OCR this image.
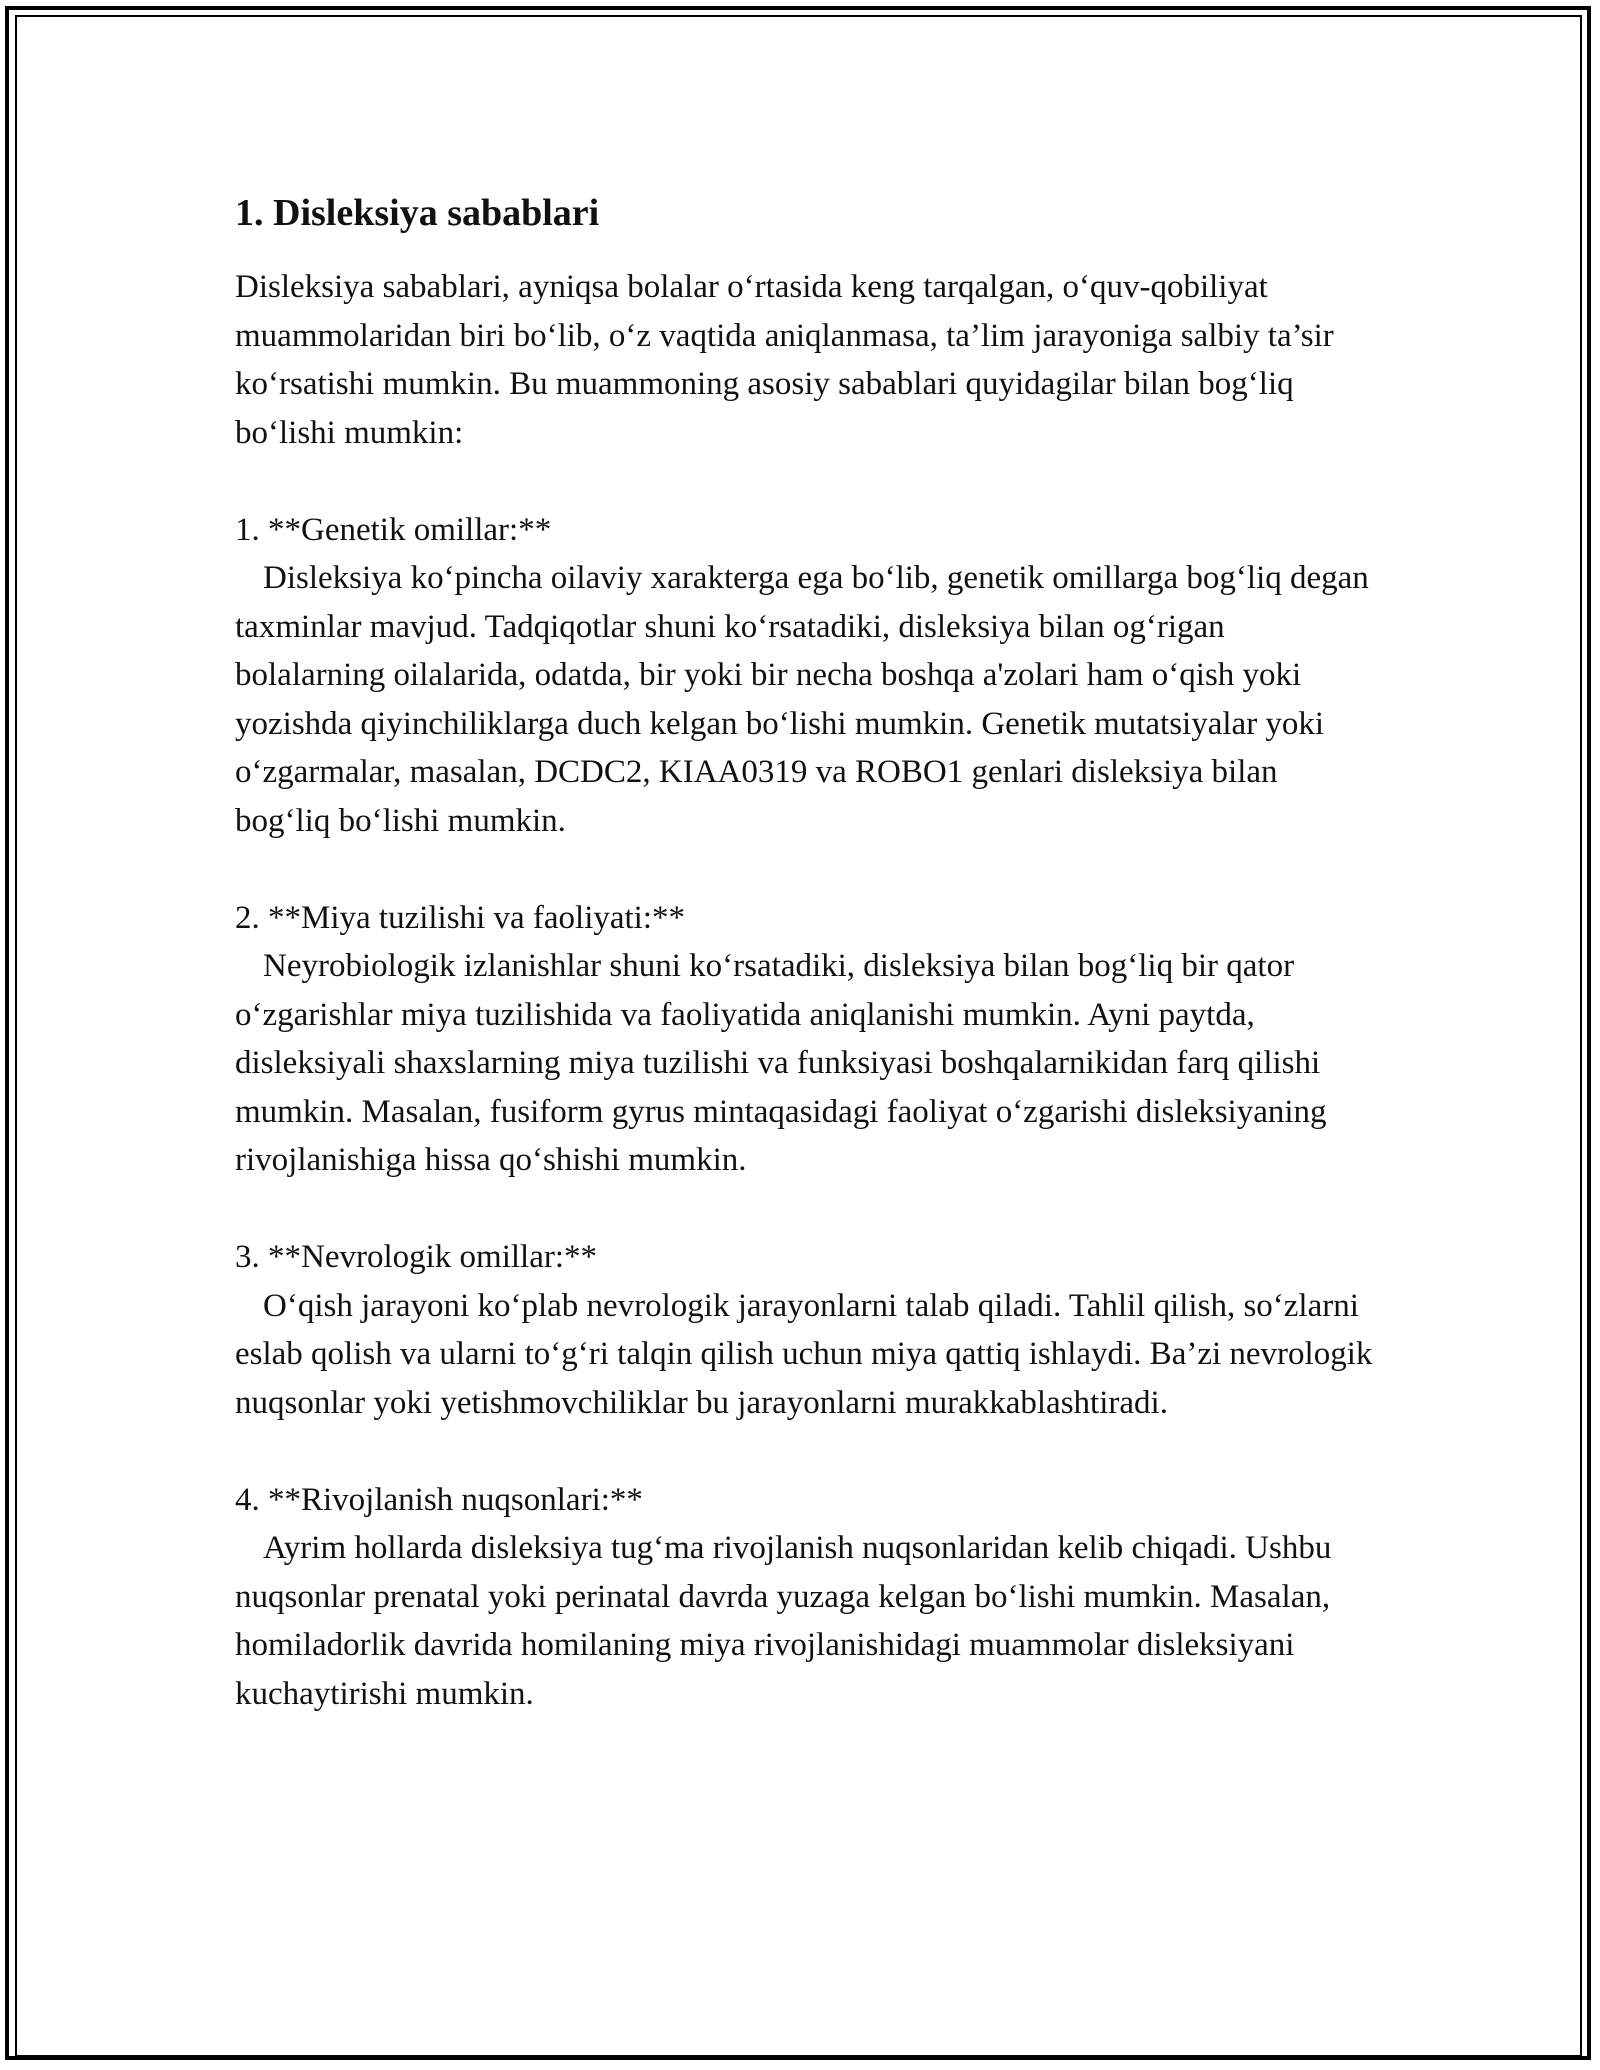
1. Disleksiya sabablari

Disleksiya sabablari, ayniqsa bolalar o‘rtasida keng tarqalgan, o‘quv-qobiliyat muammolaridan biri bo‘lib, o‘z vaqtida aniqlanmasa, ta’lim jarayoniga salbiy ta’sir ko‘rsatishi mumkin. Bu muammoning asosiy sabablari quyidagilar bilan bog‘liq bo‘lishi mumkin:

1. **Genetik omillar:**

Disleksiya ko‘pincha oilaviy xarakterga ega bo‘lib, genetik omillarga bog‘liq degan taxminlar mavjud. Tadqiqotlar shuni ko‘rsatadiki, disleksiya bilan og‘rigan bolalarning oilalarida, odatda, bir yoki bir necha boshqa a'zolari ham o‘qish yoki yozishda qiyinchiliklarga duch kelgan bo‘lishi mumkin. Genetik mutatsiyalar yoki o‘zgarmalar, masalan, DCDC2, KIAA0319 va ROBO1 genlari disleksiya bilan bog‘liq bo‘lishi mumkin.

2. **Miya tuzilishi va faoliyati:**

Neyrobiologik izlanishlar shuni ko‘rsatadiki, disleksiya bilan bog‘liq bir qator o‘zgarishlar miya tuzilishida va faoliyatida aniqlanishi mumkin. Ayni paytda, disleksiyali shaxslarning miya tuzilishi va funksiyasi boshqalarnikidan farq qilishi mumkin. Masalan, fusiform gyrus mintaqasidagi faoliyat o‘zgarishi disleksiyaning rivojlanishiga hissa qo‘shishi mumkin.

3. **Nevrologik omillar:**

O‘qish jarayoni ko‘plab nevrologik jarayonlarni talab qiladi. Tahlil qilish, so‘zlarni eslab qolish va ularni to‘g‘ri talqin qilish uchun miya qattiq ishlaydi. Ba’zi nevrologik nuqsonlar yoki yetishmovchiliklar bu jarayonlarni murakkablashtiradi.

4. **Rivojlanish nuqsonlari:**

Ayrim hollarda disleksiya tug‘ma rivojlanish nuqsonlaridan kelib chiqadi. Ushbu nuqsonlar prenatal yoki perinatal davrda yuzaga kelgan bo‘lishi mumkin. Masalan, homiladorlik davrida homilaning miya rivojlanishidagi muammolar disleksiyani kuchaytirishi mumkin.
